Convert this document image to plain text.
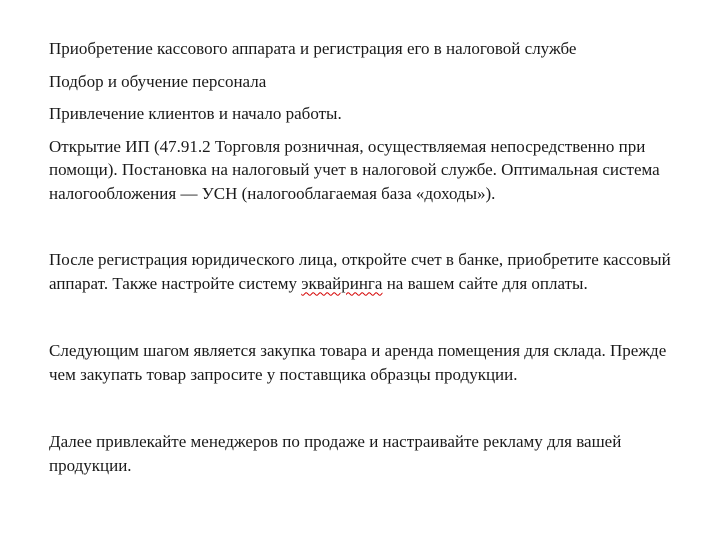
Приобретение кассового аппарата и регистрация его в налоговой службе

Подбор и обучение персонала

Привлечение клиентов и начало работы.

Открытие ИП (47.91.2 Торговля розничная, осуществляемая непосредственно при помощи). Постановка на налоговый учет в налоговой службе. Оптимальная система налогообложения — УСН (налогооблагаемая база «доходы»).

После регистрация юридического лица, откройте счет в банке, приобретите кассовый аппарат. Также настройте систему эквайринга на вашем сайте для оплаты.

Следующим шагом является закупка товара и аренда помещения для склада. Прежде чем закупать товар запросите у поставщика образцы продукции.

Далее привлекайте менеджеров по продаже и настраивайте рекламу для вашей продукции.
